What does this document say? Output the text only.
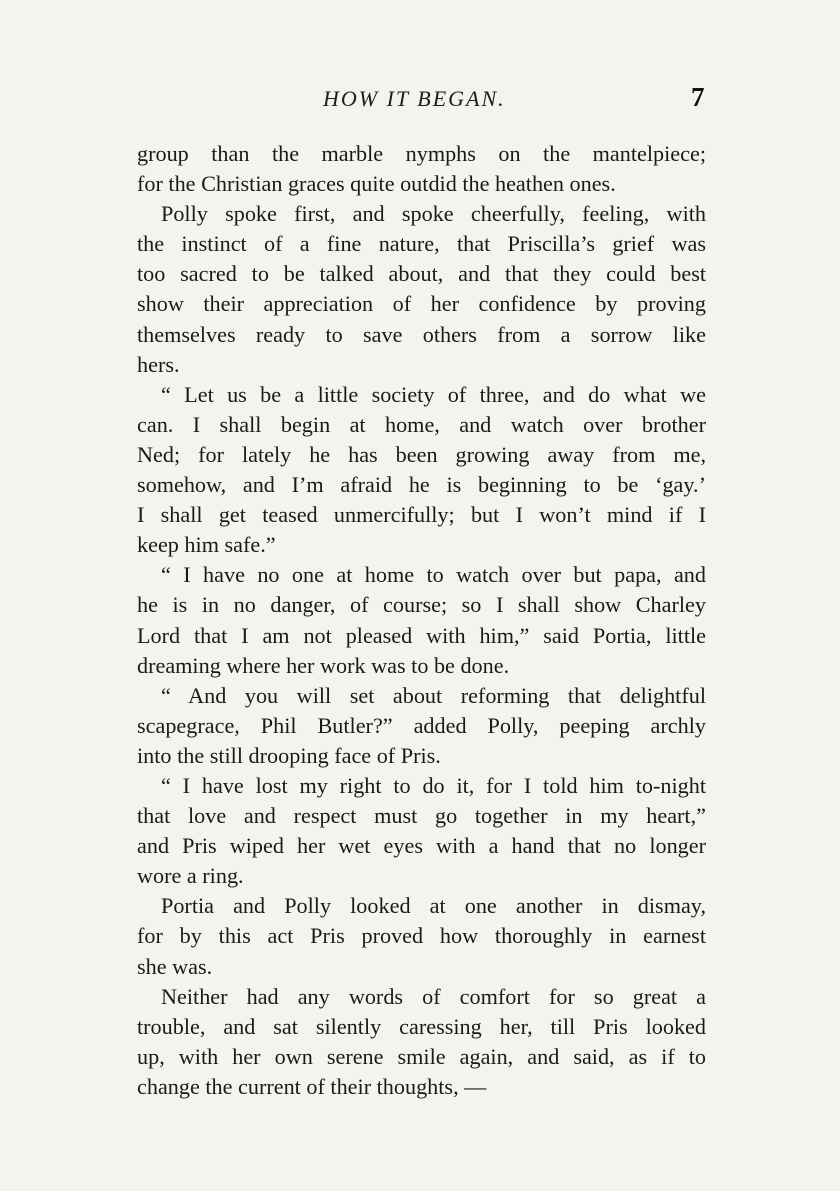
HOW IT BEGAN.	7
group than the marble nymphs on the mantelpiece;
for the Christian graces quite outdid the heathen ones.
Polly spoke first, and spoke cheerfully, feeling, with
the instinct of a fine nature, that Priscilla’s grief was
too sacred to be talked about, and that they could best
show their appreciation of her confidence by proving
themselves ready to save others from a sorrow like
hers.
“ Let us be a little society of three, and do what we
can. I shall begin at home, and watch over brother
Ned; for lately he has been growing away from me,
somehow, and I’m afraid he is beginning to be ‘gay.’
I shall get teased unmercifully; but I won’t mind if I
keep him safe.”
“ I have no one at home to watch over but papa, and
he is in no danger, of course; so I shall show Charley
Lord that I am not pleased with him,” said Portia, little
dreaming where her work was to be done.
“ And you will set about reforming that delightful
scapegrace, Phil Butler?” added Polly, peeping archly
into the still drooping face of Pris.
“ I have lost my right to do it, for I told him to-night
that love and respect must go together in my heart,”
and Pris wiped her wet eyes with a hand that no longer
wore a ring.
Portia and Polly looked at one another in dismay,
for by this act Pris proved how thoroughly in earnest
she was.
Neither had any words of comfort for so great a
trouble, and sat silently caressing her, till Pris looked
up, with her own serene smile again, and said, as if to
change the current of their thoughts, —
